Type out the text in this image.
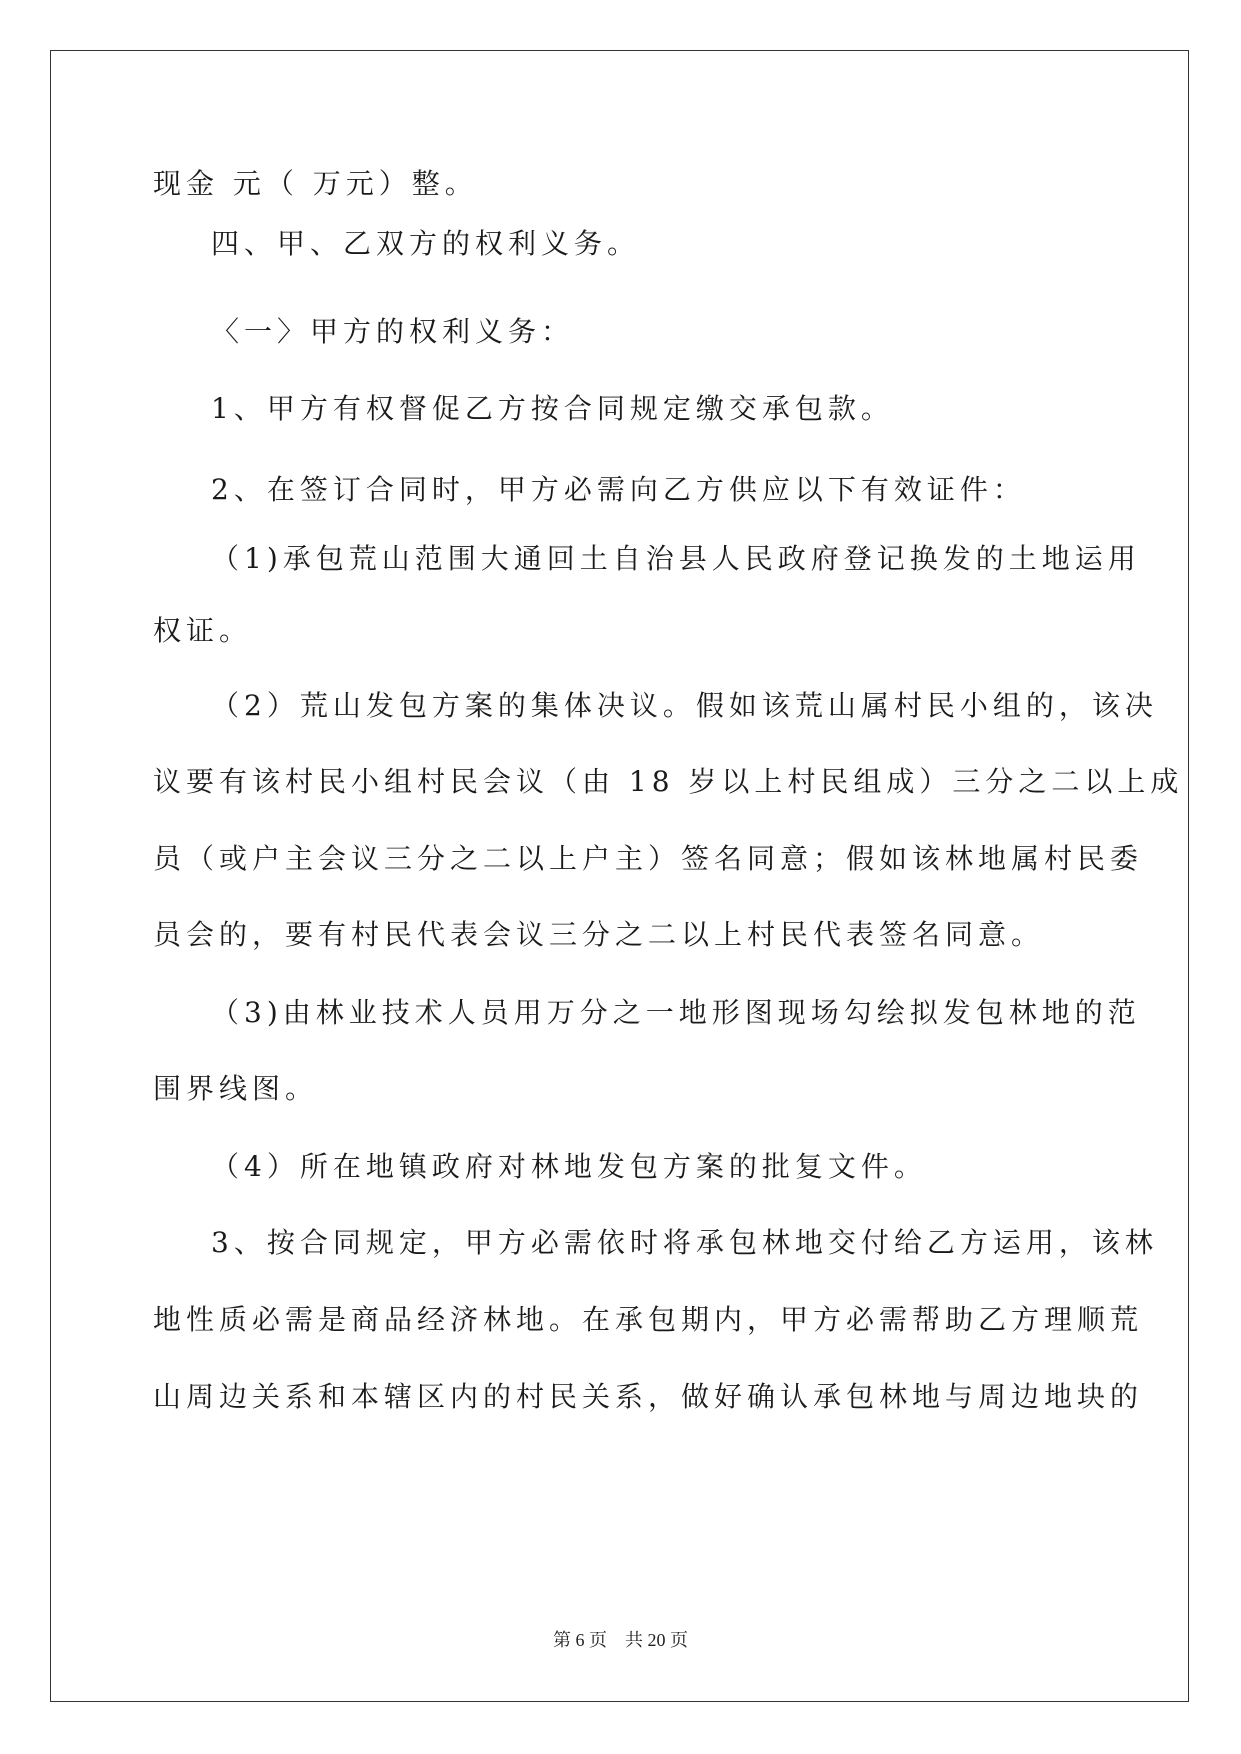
现金 元（ 万元）整。

四、甲、乙双方的权利义务。

〈一〉甲方的权利义务：

1、甲方有权督促乙方按合同规定缴交承包款。

2、在签订合同时，甲方必需向乙方供应以下有效证件：

（1)承包荒山范围大通回土自治县人民政府登记换发的土地运用

权证。

（2）荒山发包方案的集体决议。假如该荒山属村民小组的，该决

议要有该村民小组村民会议（由 18 岁以上村民组成）三分之二以上成

员（或户主会议三分之二以上户主）签名同意；假如该林地属村民委

员会的，要有村民代表会议三分之二以上村民代表签名同意。

（3)由林业技术人员用万分之一地形图现场勾绘拟发包林地的范

围界线图。

（4）所在地镇政府对林地发包方案的批复文件。

3、按合同规定，甲方必需依时将承包林地交付给乙方运用，该林

地性质必需是商品经济林地。在承包期内，甲方必需帮助乙方理顺荒

山周边关系和本辖区内的村民关系，做好确认承包林地与周边地块的

第 6 页    共 20 页
